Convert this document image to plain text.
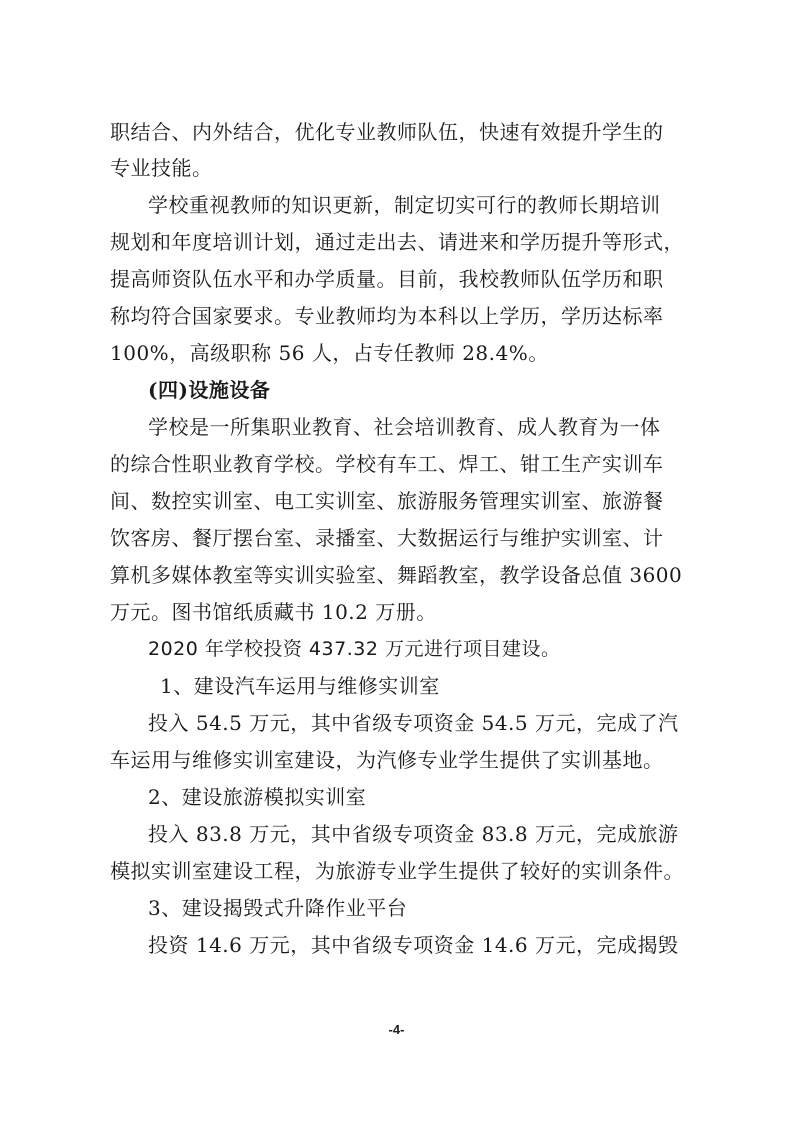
职结合、内外结合，优化专业教师队伍，快速有效提升学生的
专业技能。
学校重视教师的知识更新，制定切实可行的教师长期培训
规划和年度培训计划，通过走出去、请进来和学历提升等形式，
提高师资队伍水平和办学质量。目前，我校教师队伍学历和职
称均符合国家要求。专业教师均为本科以上学历，学历达标率
100%，高级职称 56 人，占专任教师 28.4%。
(四)设施设备
学校是一所集职业教育、社会培训教育、成人教育为一体
的综合性职业教育学校。学校有车工、焊工、钳工生产实训车
间、数控实训室、电工实训室、旅游服务管理实训室、旅游餐
饮客房、餐厅摆台室、录播室、大数据运行与维护实训室、计
算机多媒体教室等实训实验室、舞蹈教室，教学设备总值 3600
万元。图书馆纸质藏书 10.2 万册。
2020 年学校投资 437.32 万元进行项目建设。
1、建设汽车运用与维修实训室
投入 54.5 万元，其中省级专项资金 54.5 万元，完成了汽
车运用与维修实训室建设，为汽修专业学生提供了实训基地。
2、建设旅游模拟实训室
投入 83.8 万元，其中省级专项资金 83.8 万元，完成旅游
模拟实训室建设工程，为旅游专业学生提供了较好的实训条件。
3、建设揭毁式升降作业平台
投资 14.6 万元，其中省级专项资金 14.6 万元，完成揭毁
-4-
